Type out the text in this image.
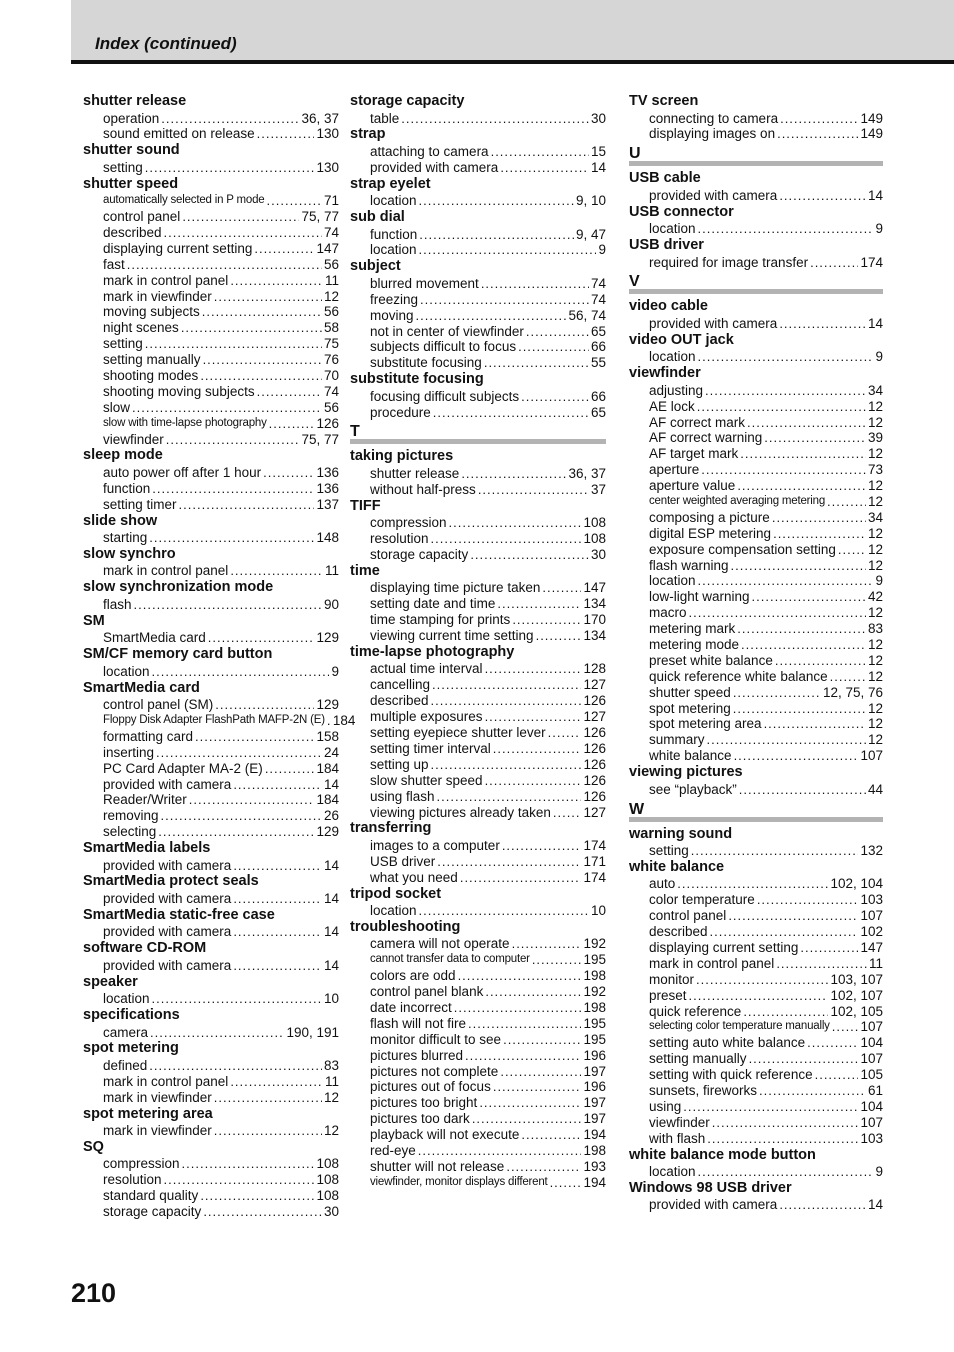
Index (continued)
shutter release
operation .....	36, 37
sound emitted on release .....	130
shutter sound
setting .....	130
shutter speed
automatically selected in P mode .....	71
control panel .....	75, 77
described .....	74
displaying current setting .....	147
fast .....	56
mark in control panel .....	11
mark in viewfinder .....	12
moving subjects .....	56
night scenes .....	58
setting .....	75
setting manually .....	76
shooting modes .....	70
shooting moving subjects .....	74
slow .....	56
slow with time-lapse photography .....	126
viewfinder .....	75, 77
sleep mode
auto power off after 1 hour .....	136
function .....	136
setting timer .....	137
slide show
starting .....	148
slow synchro
mark in control panel .....	11
slow synchronization mode
flash .....	90
SM
SmartMedia card .....	129
SM/CF memory card button
location .....	9
SmartMedia card
control panel (SM) .....	129
Floppy Disk Adapter FlashPath MAFP-2N (E) ..... 184
formatting card .....	158
inserting .....	24
PC Card Adapter MA-2 (E) .....	184
provided with camera .....	14
Reader/Writer .....	184
removing .....	26
selecting .....	129
SmartMedia labels
provided with camera .....	14
SmartMedia protect seals
provided with camera .....	14
SmartMedia static-free case
provided with camera .....	14
software CD-ROM
provided with camera .....	14
speaker
location .....	10
specifications
camera .....	190, 191
spot metering
defined .....	83
mark in control panel .....	11
mark in viewfinder .....	12
spot metering area
mark in viewfinder .....	12
SQ
compression .....	108
resolution .....	108
standard quality .....	108
storage capacity .....	30
storage capacity
table .....	30
strap
attaching to camera .....	15
provided with camera .....	14
strap eyelet
location .....	9, 10
sub dial
function .....	9, 47
location .....	9
subject
blurred movement .....	74
freezing .....	74
moving .....	56, 74
not in center of viewfinder .....	65
subjects difficult to focus .....	66
substitute focusing .....	55
substitute focusing
focusing difficult subjects .....	66
procedure .....	65
T
taking pictures
shutter release .....	36, 37
without half-press .....	37
TIFF
compression .....	108
resolution .....	108
storage capacity .....	30
time
displaying time picture taken .....	147
setting date and time .....	134
time stamping for prints .....	170
viewing current time setting .....	134
time-lapse photography
actual time interval .....	128
cancelling .....	127
described .....	126
multiple exposures .....	127
setting eyepiece shutter lever .....	126
setting timer interval .....	126
setting up .....	126
slow shutter speed .....	126
using flash .....	126
viewing pictures already taken ..... 127
transferring
images to a computer .....	174
USB driver .....	171
what you need .....	174
tripod socket
location .....	10
troubleshooting
camera will not operate .....	192
cannot transfer data to computer .....	195
colors are odd .....	198
control panel blank .....	192
date incorrect .....	198
flash will not fire .....	195
monitor difficult to see .....	195
pictures blurred .....	196
pictures not complete .....	197
pictures out of focus .....	196
pictures too bright .....	197
pictures too dark .....	197
playback will not execute .....	194
red-eye .....	198
shutter will not release .....	193
viewfinder, monitor displays different .....	194
TV screen
connecting to camera .....	149
displaying images on .....	149
U
USB cable
provided with camera .....	14
USB connector
location .....	9
USB driver
required for image transfer .....	174
V
video cable
provided with camera .....	14
video OUT jack
location .....	9
viewfinder
adjusting .....	34
AE lock .....	12
AF correct mark .....	12
AF correct warning .....	39
AF target mark .....	12
aperture .....	73
aperture value .....	12
center weighted averaging metering .....	12
composing a picture .....	34
digital ESP metering .....	12
exposure compensation setting ..... 12
flash warning .....	12
location .....	9
low-light warning .....	42
macro .....	12
metering mark .....	83
metering mode .....	12
preset white balance .....	12
quick reference white balance .....	12
shutter speed .....	12, 75, 76
spot metering .....	12
spot metering area .....	12
summary .....	12
white balance .....	107
viewing pictures
see “playback” .....	44
W
warning sound
setting .....	132
white balance
auto .....	102, 104
color temperature .....	103
control panel .....	107
described .....	102
displaying current setting .....	147
mark in control panel .....	11
monitor .....	103, 107
preset .....	102, 107
quick reference .....	102, 105
selecting color temperature manually ..... 107
setting auto white balance .....	104
setting manually .....	107
setting with quick reference .....	105
sunsets, fireworks .....	61
using .....	104
viewfinder .....	107
with flash .....	103
white balance mode button
location .....	9
Windows 98 USB driver
provided with camera .....	14
210
